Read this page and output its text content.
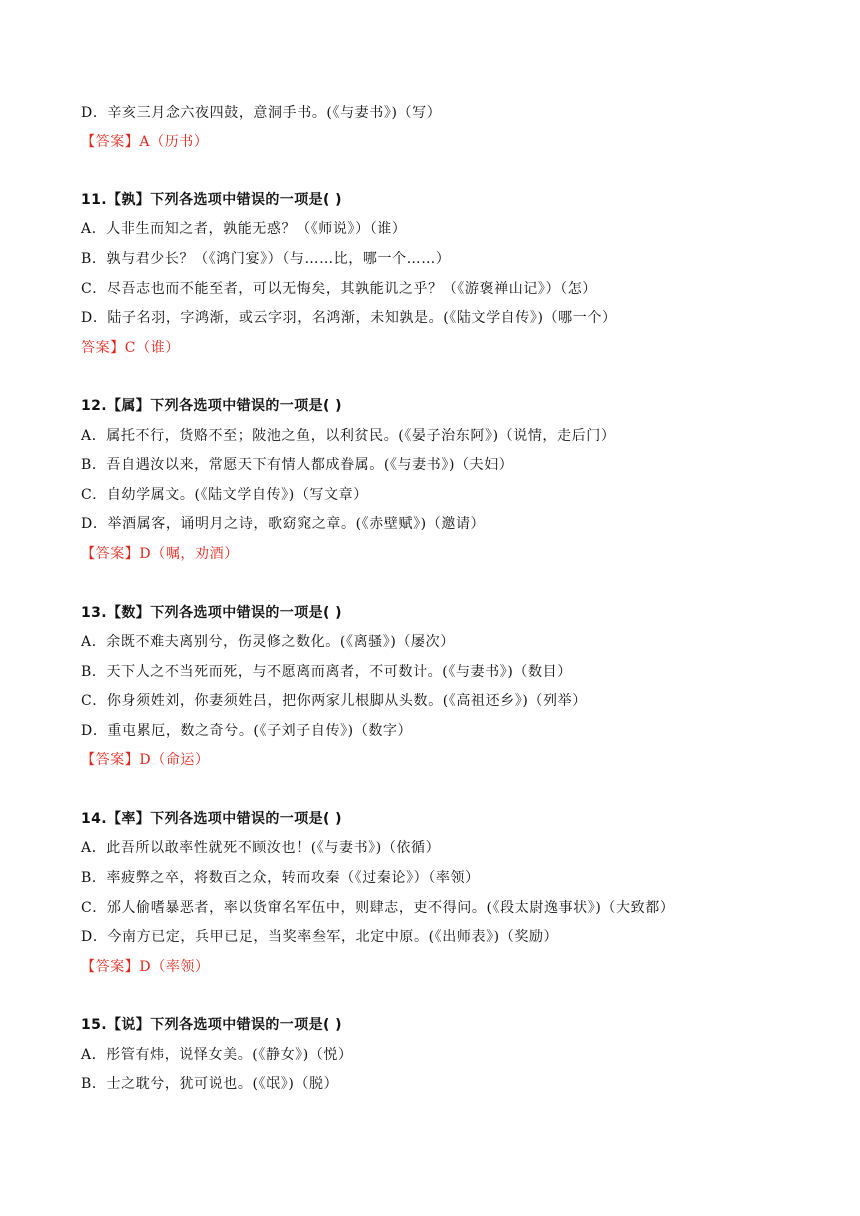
D．辛亥三月念六夜四鼓，意洞手书。(《与妻书》)（写）
【答案】A（历书）
11.【孰】下列各选项中错误的一项是( )
A．人非生而知之者，孰能无惑？（《师说》）（谁）
B．孰与君少长？（《鸿门宴》）（与……比，哪一个……）
C．尽吾志也而不能至者，可以无悔矣，其孰能讥之乎？（《游褒禅山记》）（怎）
D．陆子名羽，字鸿渐，或云字羽，名鸿渐，未知孰是。(《陆文学自传》)（哪一个）
答案】C（谁）
12.【属】下列各选项中错误的一项是( )
A．属托不行，货赂不至；陂池之鱼，以利贫民。(《晏子治东阿》)（说情，走后门）
B．吾自遇汝以来，常愿天下有情人都成眷属。(《与妻书》)（夫妇）
C．自幼学属文。(《陆文学自传》)（写文章）
D．举酒属客，诵明月之诗，歌窈窕之章。(《赤壁赋》)（邀请）
【答案】D（嘱，劝酒）
13.【数】下列各选项中错误的一项是( )
A．余既不难夫离别兮，伤灵修之数化。(《离骚》)（屡次）
B．天下人之不当死而死，与不愿离而离者，不可数计。(《与妻书》)（数目）
C．你身须姓刘，你妻须姓吕，把你两家儿根脚从头数。(《高祖还乡》)（列举）
D．重屯累厄，数之奇兮。(《子刘子自传》)（数字）
【答案】D（命运）
14.【率】下列各选项中错误的一项是( )
A．此吾所以敢率性就死不顾汝也！(《与妻书》)（依循）
B．率疲弊之卒，将数百之众，转而攻秦（《过秦论》）（率领）
C．邠人偷嗜暴恶者，率以货窜名军伍中，则肆志，吏不得问。(《段太尉逸事状》)（大致都）
D．今南方已定，兵甲已足，当奖率叁军，北定中原。(《出师表》)（奖励）
【答案】D（率领）
15.【说】下列各选项中错误的一项是( )
A．彤管有炜，说怿女美。(《静女》)（悦）
B．士之耽兮，犹可说也。(《氓》)（脱）
